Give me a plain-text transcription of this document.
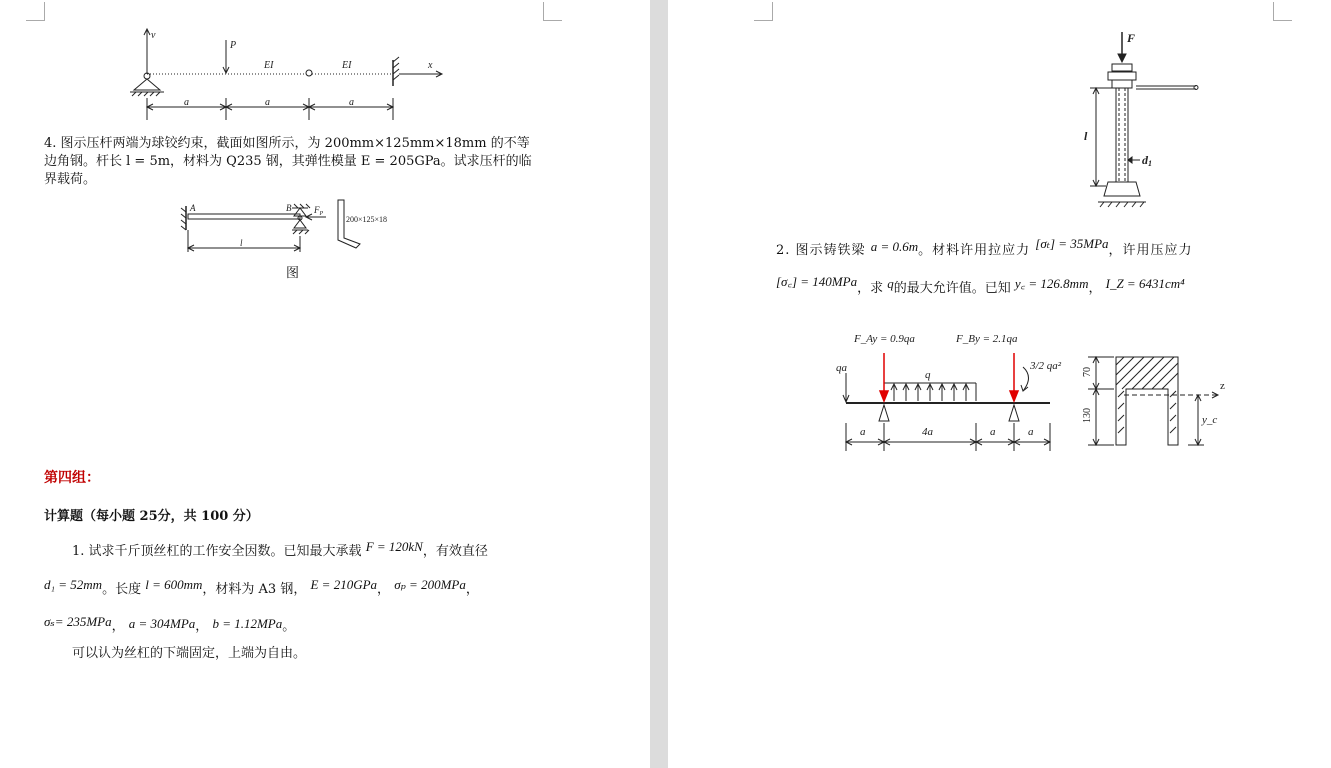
v
P
EI	EI	x
a	a	a
4. 图示压杆两端为球铰约束，截面如图所示，为 200mm×125mm×18mm 的不等
边角钢。杆长 l = 5m，材料为 Q235 钢，其弹性模量 E = 205GPa。试求压杆的临
界载荷。
A	B	$F_P$
l
200×125×18
图
第四组：
计算题（每小题 25分，共 100 分）
1. 试求千斤顶丝杠的工作安全因数。已知最大承载 F = 120kN，有效直径
d₁ = 52mm。长度 l = 600mm，材料为 A3 钢， E = 210GPa， σₚ = 200MPa，
σₛ= 235MPa， a = 304MPa， b = 1.12MPa。
可以认为丝杠的下端固定，上端为自由。
F
l
d1
2. 图示铸铁梁 a = 0.6m。材料许用拉应力 [σₜ] = 35MPa，许用压应力
[σ꜀] = 140MPa，求 q的最大允许值。已知 y꜀ = 126.8mm， I_Z = 6431cm⁴
F_Ay = 0.9qa	F_By = 2.1qa
qa
q
3/2 qa²
a	4a	a	a
z
y_c
70
130
